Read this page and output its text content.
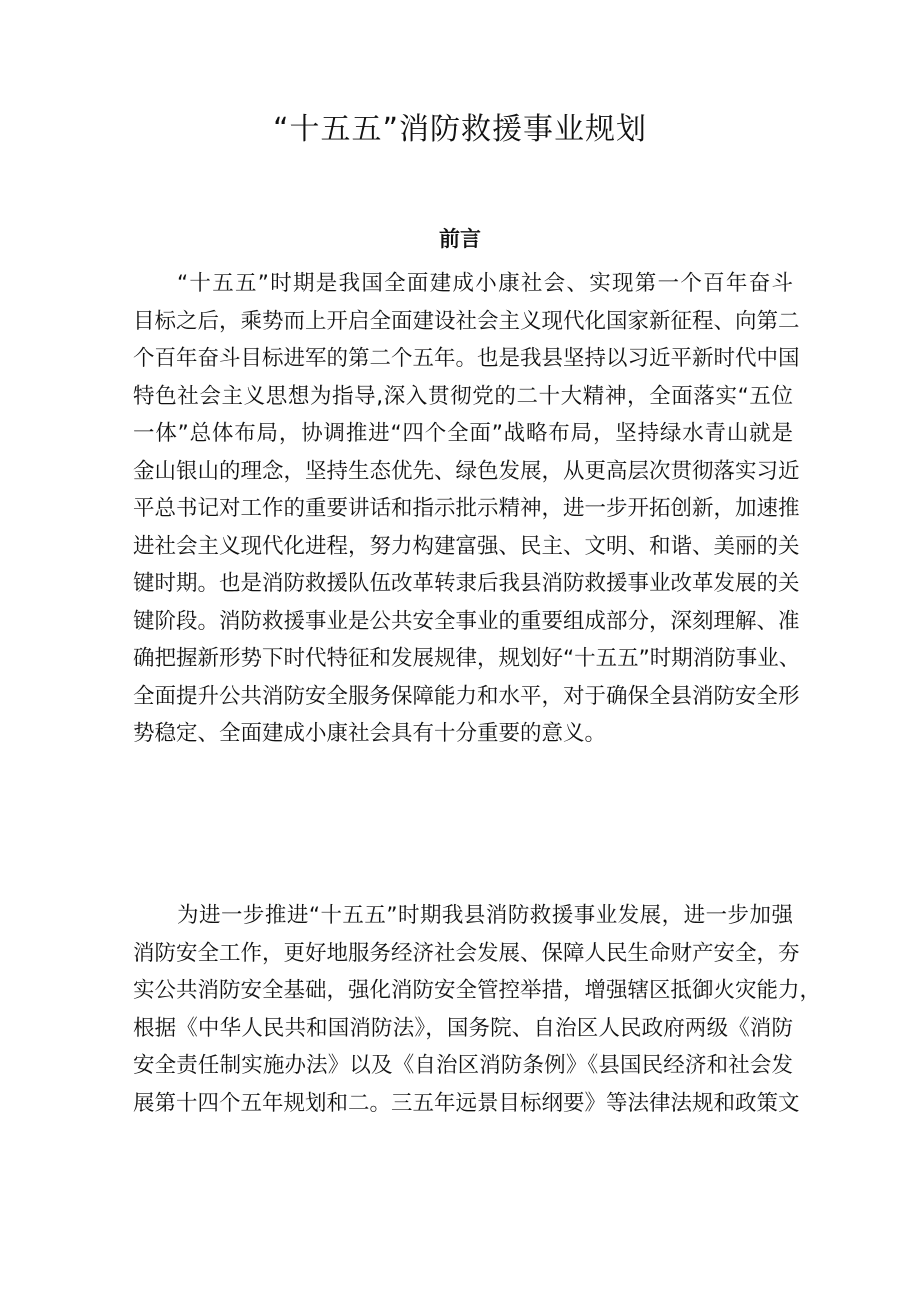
“十五五”消防救援事业规划
前言
“十五五”时期是我国全面建成小康社会、实现第一个百年奋斗
目标之后，乘势而上开启全面建设社会主义现代化国家新征程、向第二
个百年奋斗目标进军的第二个五年。也是我县坚持以习近平新时代中国
特色社会主义思想为指导,深入贯彻党的二十大精神，全面落实“五位
一体”总体布局，协调推进“四个全面”战略布局，坚持绿水青山就是
金山银山的理念，坚持生态优先、绿色发展，从更高层次贯彻落实习近
平总书记对工作的重要讲话和指示批示精神，进一步开拓创新，加速推
进社会主义现代化进程，努力构建富强、民主、文明、和谐、美丽的关
键时期。也是消防救援队伍改革转隶后我县消防救援事业改革发展的关
键阶段。消防救援事业是公共安全事业的重要组成部分，深刻理解、准
确把握新形势下时代特征和发展规律，规划好“十五五”时期消防事业、
全面提升公共消防安全服务保障能力和水平，对于确保全县消防安全形
势稳定、全面建成小康社会具有十分重要的意义。
为进一步推进“十五五”时期我县消防救援事业发展，进一步加强
消防安全工作，更好地服务经济社会发展、保障人民生命财产安全，夯
实公共消防安全基础，强化消防安全管控举措，增强辖区抵御火灾能力，
根据《中华人民共和国消防法》，国务院、自治区人民政府两级《消防
安全责任制实施办法》以及《自治区消防条例》《县国民经济和社会发
展第十四个五年规划和二。三五年远景目标纲要》等法律法规和政策文
